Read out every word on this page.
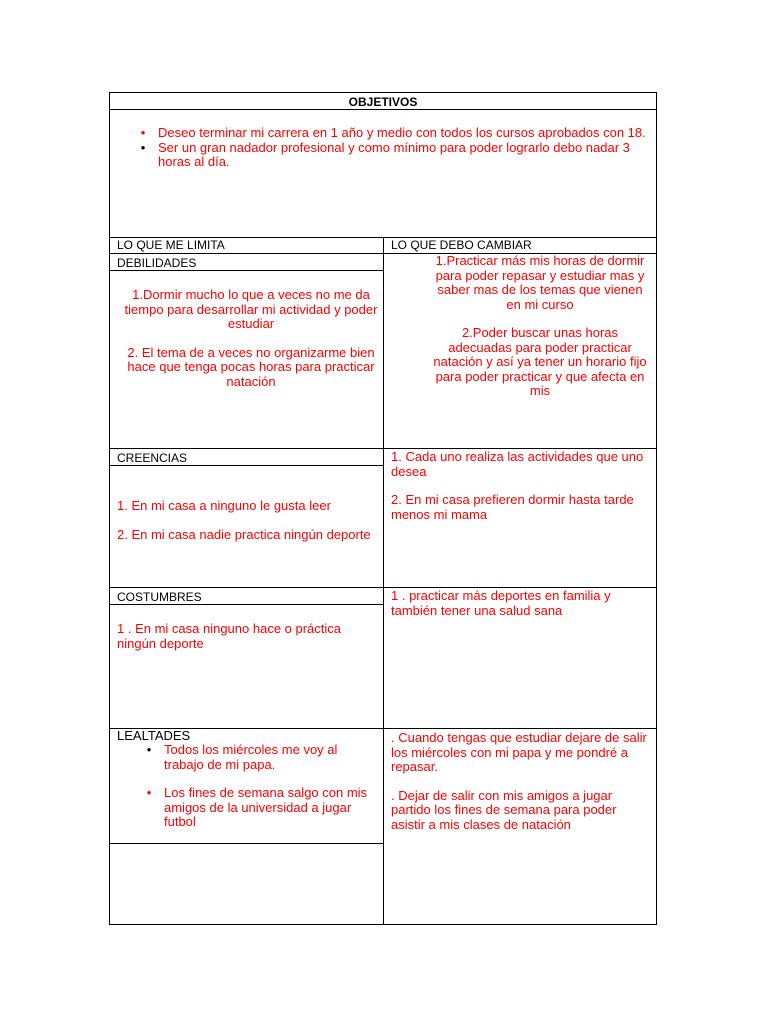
OBJETIVOS
• Deseo terminar mi carrera en 1 año y medio con todos los cursos aprobados con 18.
• Ser un gran nadador profesional y como mínimo para poder lograrlo debo nadar 3 horas al día.
LO QUE ME LIMITA	LO QUE DEBO CAMBIAR
DEBILIDADES

1.Dormir mucho lo que a veces no me da tiempo para desarrollar mi actividad y poder estudiar

2. El tema de a veces no organizarme bien hace que tenga pocas horas para practicar natación

1.Practicar más mis horas de dormir para poder repasar y estudiar mas y saber mas de los temas que vienen en mi curso

2.Poder buscar unas horas adecuadas para poder practicar natación y así ya tener un horario fijo para poder practicar y que afecta en mis

CREENCIAS

1. En mi casa a ninguno le gusta leer

2. En mi casa nadie practica ningún deporte

1. Cada uno realiza las actividades que uno desea

2. En mi casa prefieren dormir hasta tarde menos mi mama

COSTUMBRES

1 . En mi casa ninguno hace o práctica ningún deporte

1 . practicar más deportes en familia y también tener una salud sana

LEALTADES
• Todos los miércoles me voy al trabajo de mi papa.
• Los fines de semana salgo con mis amigos de la universidad a jugar futbol

. Cuando tengas que estudiar dejare de salir los miércoles con mi papa y me pondré a repasar.

. Dejar de salir con mis amigos a jugar partido los fines de semana para poder asistir a mis clases de natación
